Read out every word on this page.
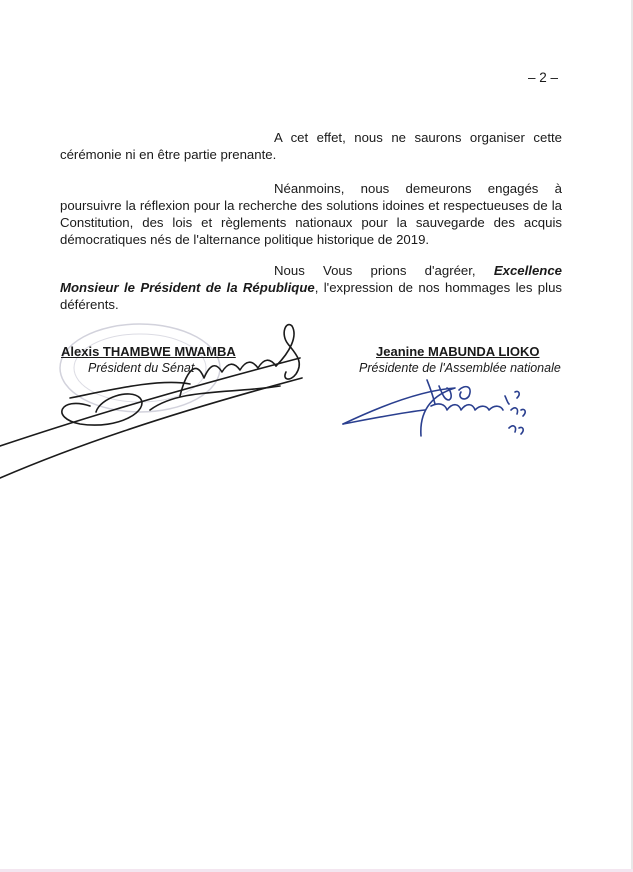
– 2 –

A cet effet, nous ne saurons organiser cette cérémonie ni en être partie prenante.

Néanmoins, nous demeurons engagés à poursuivre la réflexion pour la recherche des solutions idoines et respectueuses de la Constitution, des lois et règlements nationaux pour la sauvegarde des acquis démocratiques nés de l'alternance politique historique de 2019.

Nous Vous prions d'agréer, Excellence Monsieur le Président de la République, l'expression de nos hommages les plus déférents.

Alexis THAMBWE MWAMBA
Président du Sénat
Jeanine MABUNDA LIOKO
Présidente de l'Assemblée nationale
